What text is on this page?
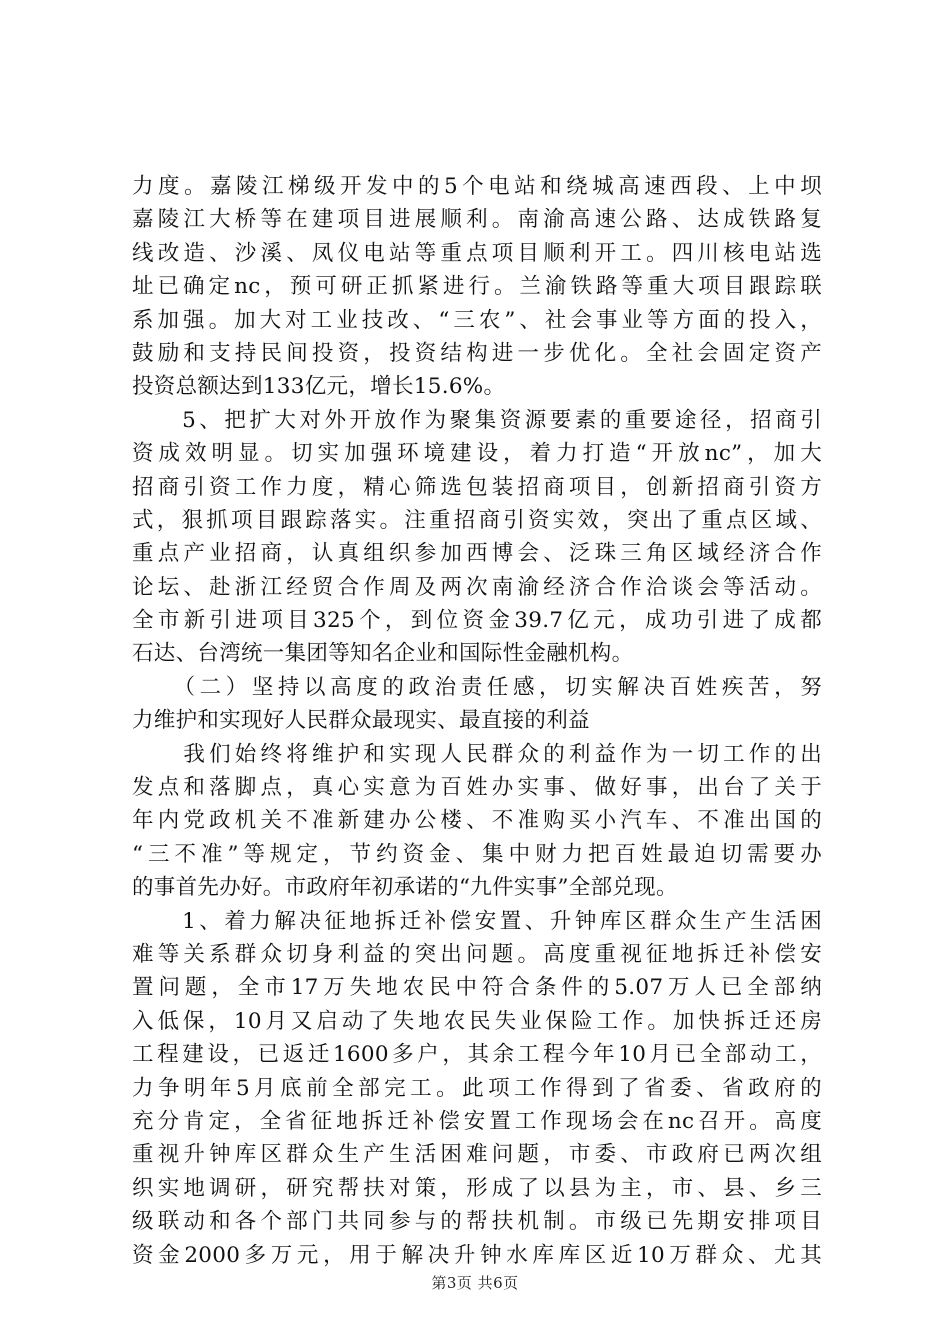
力度。嘉陵江梯级开发中的5个电站和绕城高速西段、上中坝
嘉陵江大桥等在建项目进展顺利。南渝高速公路、达成铁路复
线改造、沙溪、凤仪电站等重点项目顺利开工。四川核电站选
址已确定nc，预可研正抓紧进行。兰渝铁路等重大项目跟踪联
系加强。加大对工业技改、“三农”、社会事业等方面的投入，
鼓励和支持民间投资，投资结构进一步优化。全社会固定资产
投资总额达到133亿元，增长15.6%。
　　5、把扩大对外开放作为聚集资源要素的重要途径，招商引
资成效明显。切实加强环境建设，着力打造“开放nc”，加大
招商引资工作力度，精心筛选包装招商项目，创新招商引资方
式，狠抓项目跟踪落实。注重招商引资实效，突出了重点区域、
重点产业招商，认真组织参加西博会、泛珠三角区域经济合作
论坛、赴浙江经贸合作周及两次南渝经济合作洽谈会等活动。
全市新引进项目325个，到位资金39.7亿元，成功引进了成都
石达、台湾统一集团等知名企业和国际性金融机构。
　　（二）坚持以高度的政治责任感，切实解决百姓疾苦，努
力维护和实现好人民群众最现实、最直接的利益
　　我们始终将维护和实现人民群众的利益作为一切工作的出
发点和落脚点，真心实意为百姓办实事、做好事，出台了关于
年内党政机关不准新建办公楼、不准购买小汽车、不准出国的
“三不准”等规定，节约资金、集中财力把百姓最迫切需要办
的事首先办好。市政府年初承诺的“九件实事”全部兑现。
　　1、着力解决征地拆迁补偿安置、升钟库区群众生产生活困
难等关系群众切身利益的突出问题。高度重视征地拆迁补偿安
置问题，全市17万失地农民中符合条件的5.07万人已全部纳
入低保，10月又启动了失地农民失业保险工作。加快拆迁还房
工程建设，已返迁1600多户，其余工程今年10月已全部动工，
力争明年5月底前全部完工。此项工作得到了省委、省政府的
充分肯定，全省征地拆迁补偿安置工作现场会在nc召开。高度
重视升钟库区群众生产生活困难问题，市委、市政府已两次组
织实地调研，研究帮扶对策，形成了以县为主，市、县、乡三
级联动和各个部门共同参与的帮扶机制。市级已先期安排项目
资金2000多万元，用于解决升钟水库库区近10万群众、尤其
第3页 共6页
